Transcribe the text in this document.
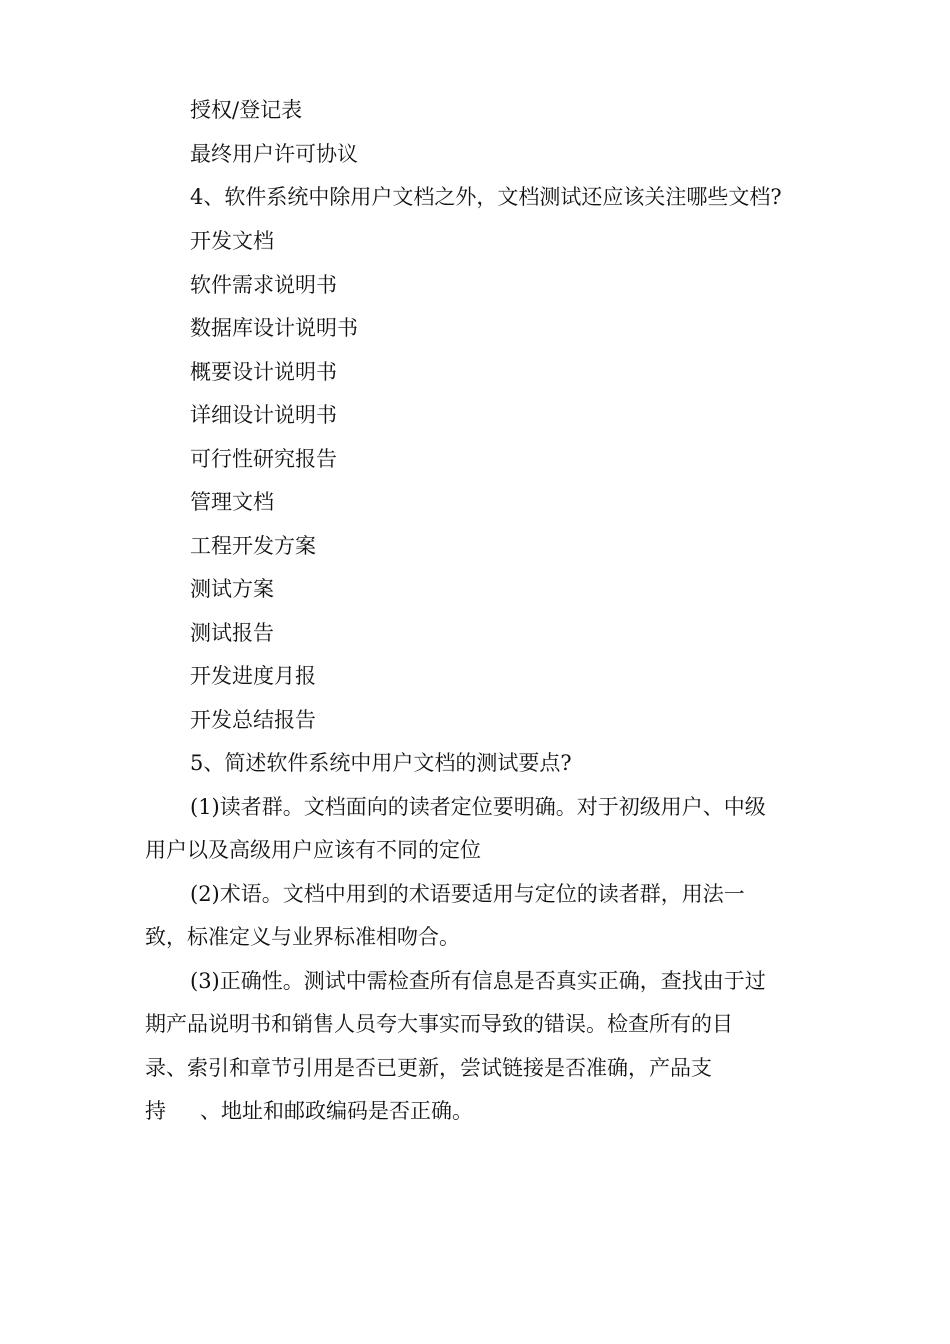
授权/登记表
最终用户许可协议
4、软件系统中除用户文档之外，文档测试还应该关注哪些文档?
开发文档
软件需求说明书
数据库设计说明书
概要设计说明书
详细设计说明书
可行性研究报告
管理文档
工程开发方案
测试方案
测试报告
开发进度月报
开发总结报告
5、简述软件系统中用户文档的测试要点?
(1)读者群。文档面向的读者定位要明确。对于初级用户、中级
用户以及高级用户应该有不同的定位
(2)术语。文档中用到的术语要适用与定位的读者群，用法一
致，标准定义与业界标准相吻合。
(3)正确性。测试中需检查所有信息是否真实正确，查找由于过
期产品说明书和销售人员夸大事实而导致的错误。检查所有的目
录、索引和章节引用是否已更新，尝试链接是否准确，产品支
持 、地址和邮政编码是否正确。
